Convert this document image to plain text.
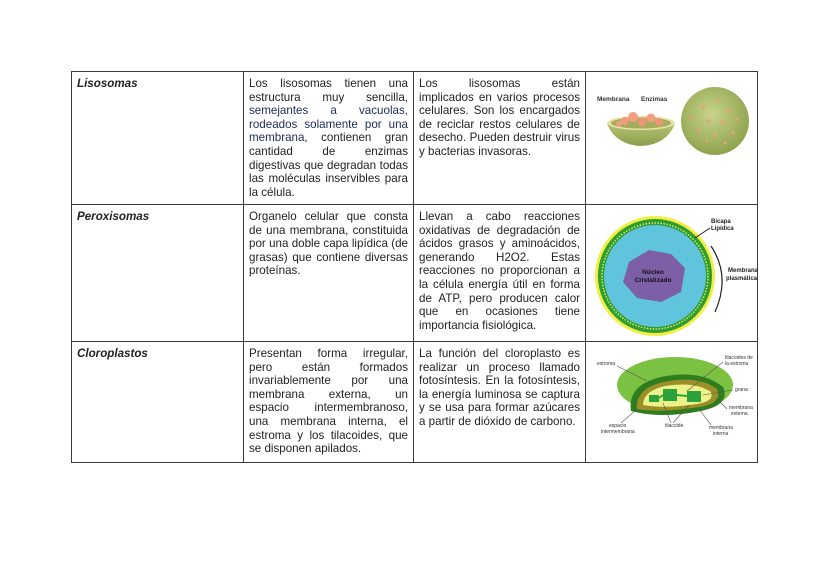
Lisosomas	Los lisosomas tienen una estructura muy sencilla, semejantes a vacuolas, rodeados solamente por una membrana, contienen gran cantidad de enzimas digestivas que degradan todas las moléculas inservibles para la célula.	Los lisosomas están implicados en varios procesos celulares. Son los encargados de reciclar restos celulares de desecho. Pueden destruir virus y bacterias invasoras.	Membrana Enzimas

Peroxisomas	Organelo celular que consta de una membrana, constituida por una doble capa lipídica (de grasas) que contiene diversas proteínas.	Llevan a cabo reacciones oxidativas de degradación de ácidos grasos y aminoácidos, generando H2O2. Estas reacciones no proporcionan a la célula energía útil en forma de ATP, pero producen calor que en ocasiones tiene importancia fisiológica.	
Núcleo
Cristalizado
Bicapa
Lipídica
Membrana
plasmática

Cloroplastos	Presentan forma irregular, pero están formados invariablemente por una membrana externa, un espacio intermembranoso, una membrana interna, el estroma y los tilacoides, que se disponen apilados.	La función del cloroplasto es realizar un proceso llamado fotosíntesis. En la fotosíntesis, la energía luminosa se captura y se usa para formar azúcares a partir de dióxido de carbono.	
estroma
tilacoides de
la estroma
grana
membrana
externa
espacio
intermembrana
tilacoide	membrana
interna
